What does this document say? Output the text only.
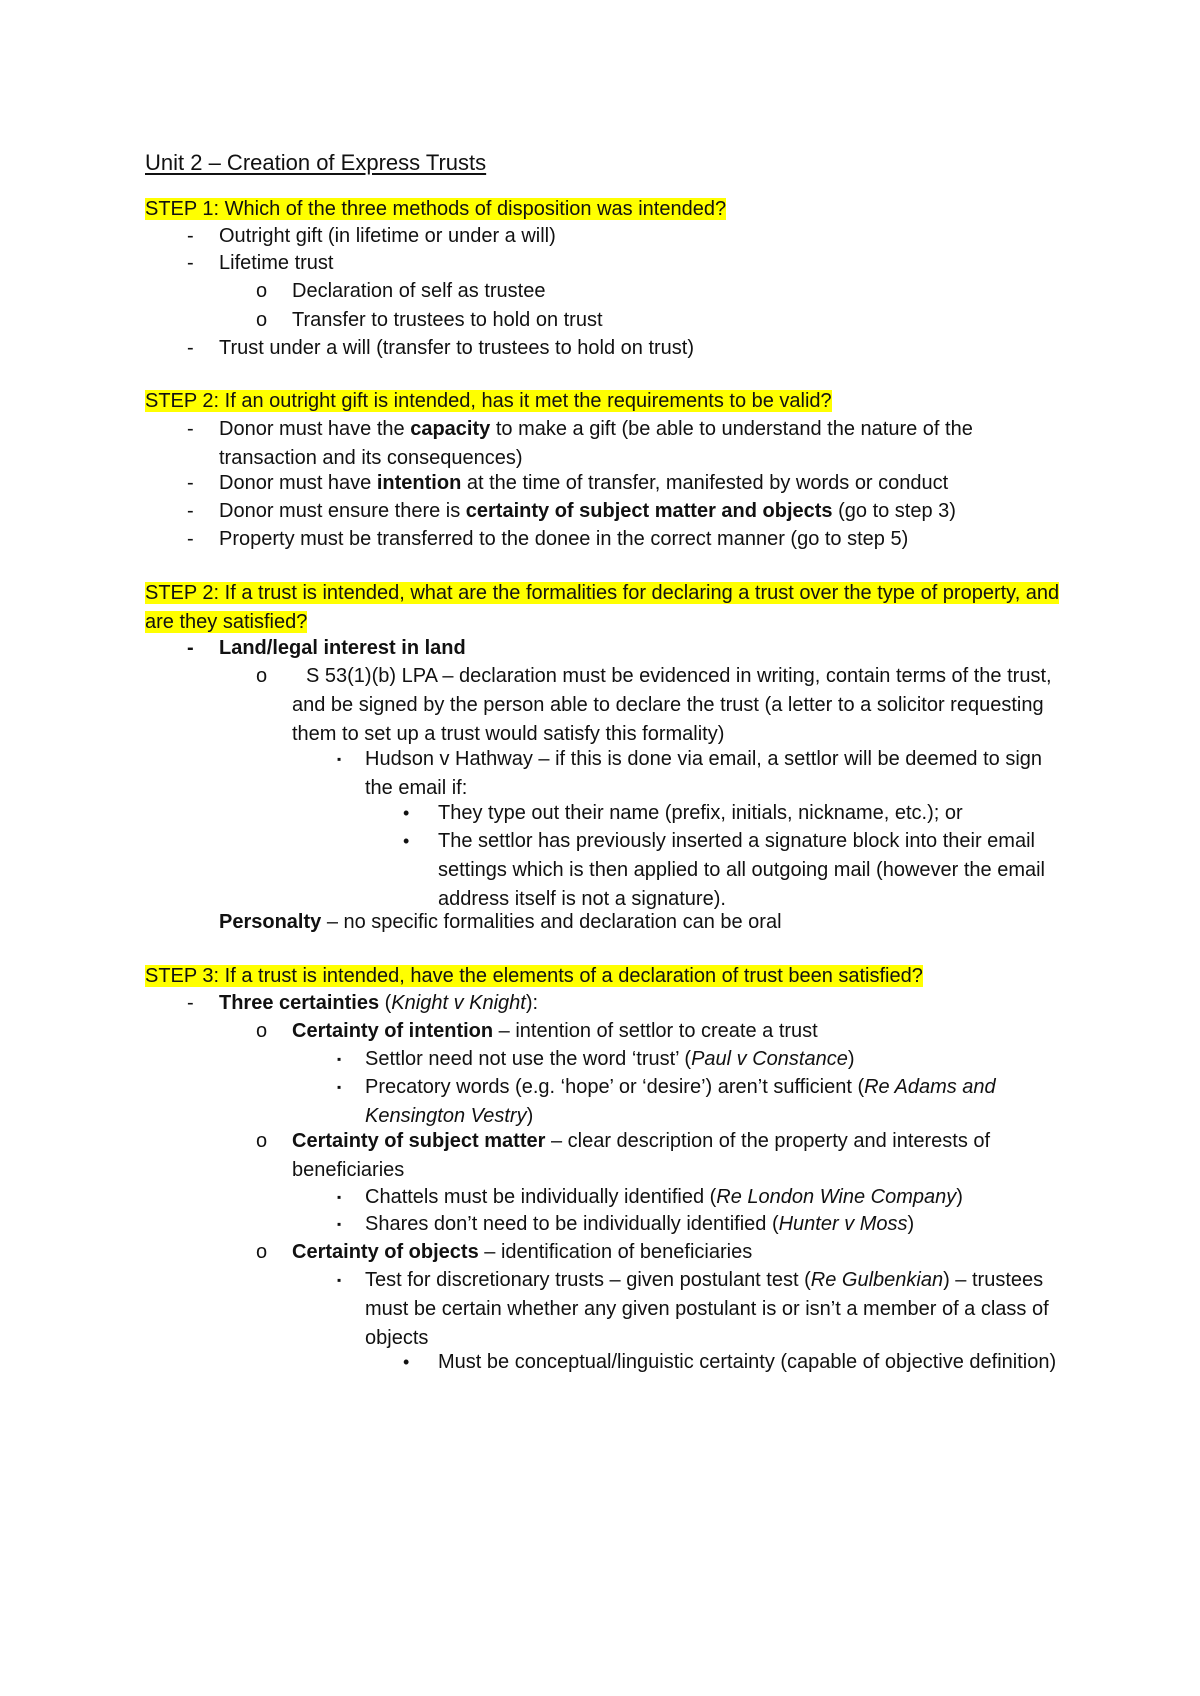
Unit 2 – Creation of Express Trusts
STEP 1: Which of the three methods of disposition was intended?
- Outright gift (in lifetime or under a will)
- Lifetime trust
o Declaration of self as trustee
o Transfer to trustees to hold on trust
- Trust under a will (transfer to trustees to hold on trust)
STEP 2: If an outright gift is intended, has it met the requirements to be valid?
- Donor must have the capacity to make a gift (be able to understand the nature of the transaction and its consequences)
- Donor must have intention at the time of transfer, manifested by words or conduct
- Donor must ensure there is certainty of subject matter and objects (go to step 3)
- Property must be transferred to the donee in the correct manner (go to step 5)
STEP 2: If a trust is intended, what are the formalities for declaring a trust over the type of property, and are they satisfied?
- Land/legal interest in land
o	S 53(1)(b) LPA – declaration must be evidenced in writing, contain terms of the trust, and be signed by the person able to declare the trust (a letter to a solicitor requesting them to set up a trust would satisfy this formality)
▪ Hudson v Hathway – if this is done via email, a settlor will be deemed to sign the email if:
• They type out their name (prefix, initials, nickname, etc.); or
• The settlor has previously inserted a signature block into their email settings which is then applied to all outgoing mail (however the email address itself is not a signature).
Personalty – no specific formalities and declaration can be oral
STEP 3: If a trust is intended, have the elements of a declaration of trust been satisfied?
- Three certainties (Knight v Knight):
o Certainty of intention – intention of settlor to create a trust
▪ Settlor need not use the word ‘trust’ (Paul v Constance)
▪ Precatory words (e.g. ‘hope’ or ‘desire’) aren’t sufficient (Re Adams and Kensington Vestry)
o Certainty of subject matter – clear description of the property and interests of beneficiaries
▪ Chattels must be individually identified (Re London Wine Company)
▪ Shares don’t need to be individually identified (Hunter v Moss)
o Certainty of objects – identification of beneficiaries
▪ Test for discretionary trusts – given postulant test (Re Gulbenkian) – trustees must be certain whether any given postulant is or isn’t a member of a class of objects
• Must be conceptual/linguistic certainty (capable of objective definition)
